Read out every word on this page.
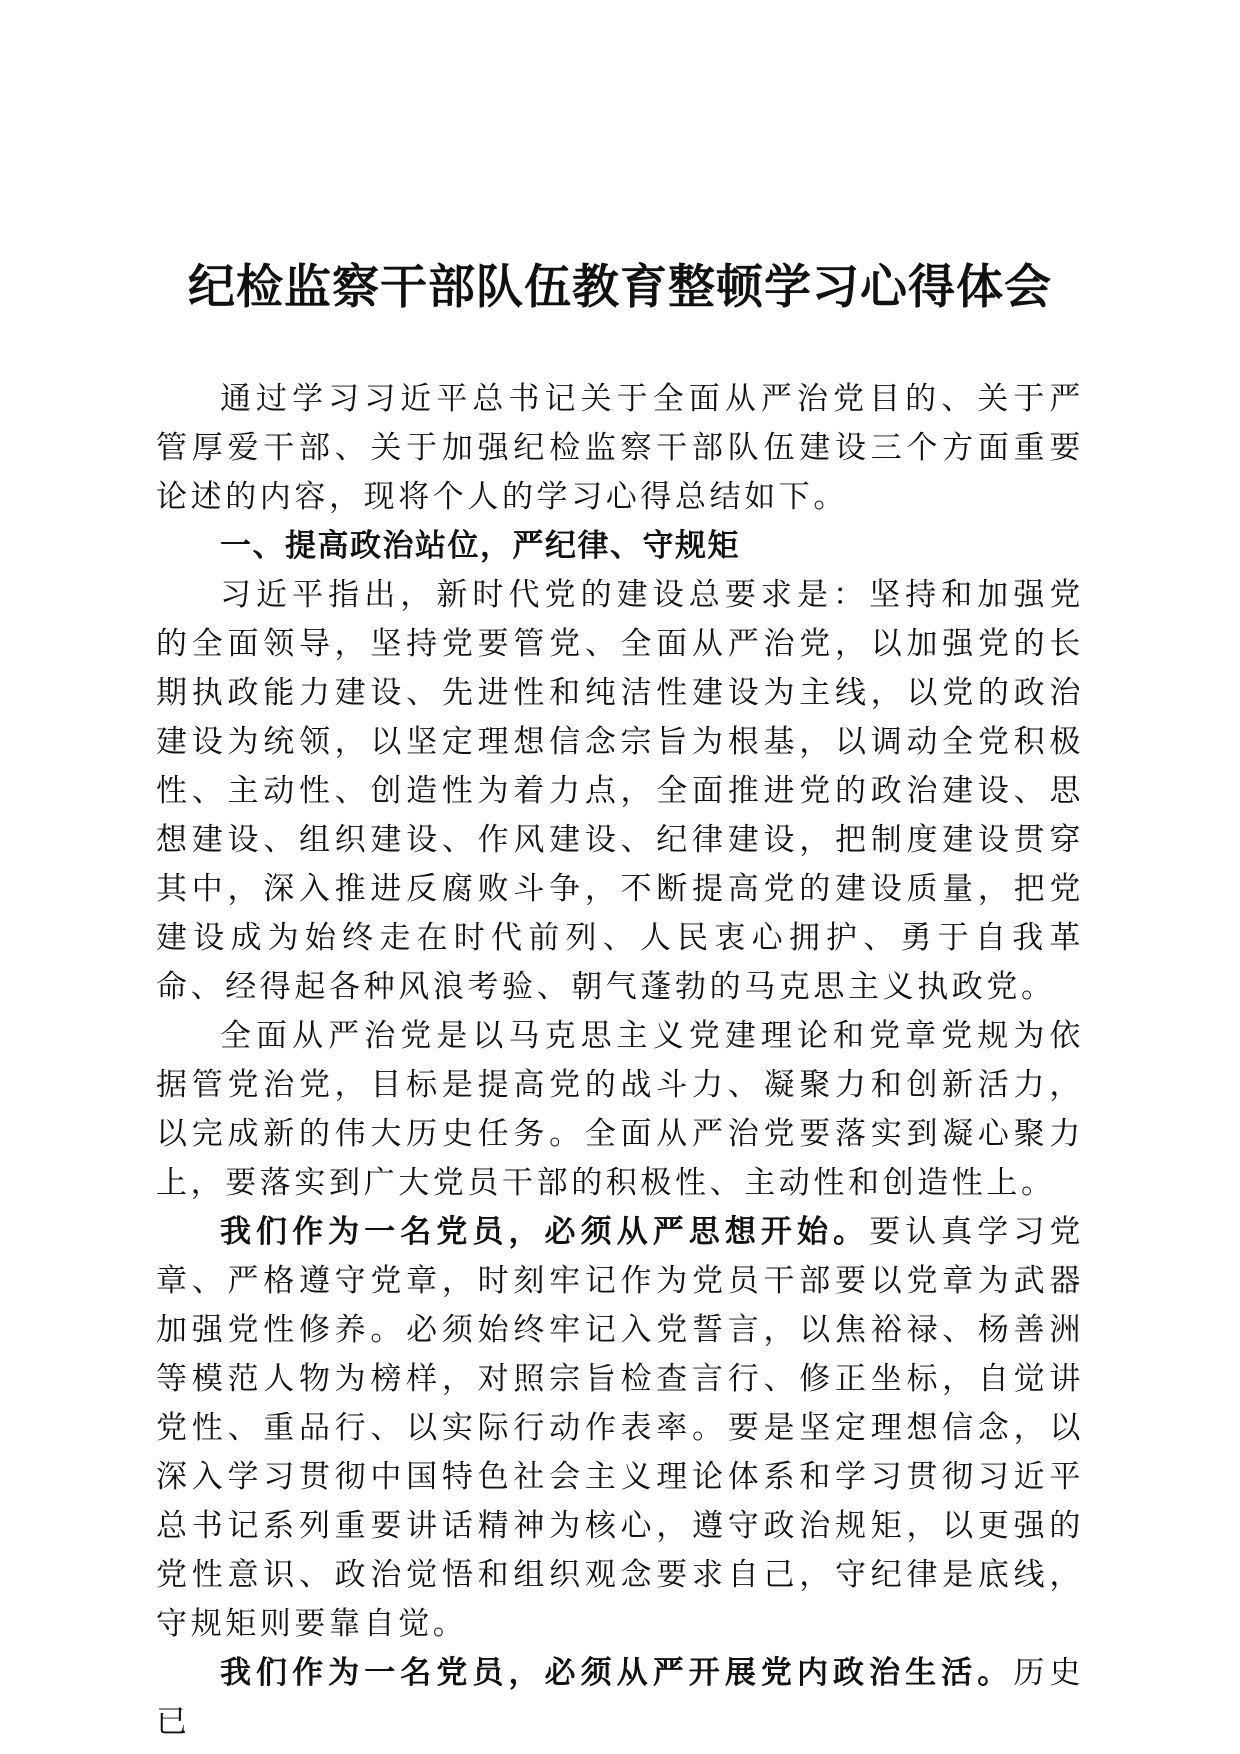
纪检监察干部队伍教育整顿学习心得体会

通过学习习近平总书记关于全面从严治党目的、关于严管厚爱干部、关于加强纪检监察干部队伍建设三个方面重要论述的内容，现将个人的学习心得总结如下。

一、提高政治站位，严纪律、守规矩

习近平指出，新时代党的建设总要求是：坚持和加强党的全面领导，坚持党要管党、全面从严治党，以加强党的长期执政能力建设、先进性和纯洁性建设为主线，以党的政治建设为统领，以坚定理想信念宗旨为根基，以调动全党积极性、主动性、创造性为着力点，全面推进党的政治建设、思想建设、组织建设、作风建设、纪律建设，把制度建设贯穿其中，深入推进反腐败斗争，不断提高党的建设质量，把党建设成为始终走在时代前列、人民衷心拥护、勇于自我革命、经得起各种风浪考验、朝气蓬勃的马克思主义执政党。

全面从严治党是以马克思主义党建理论和党章党规为依据管党治党，目标是提高党的战斗力、凝聚力和创新活力，以完成新的伟大历史任务。全面从严治党要落实到凝心聚力上，要落实到广大党员干部的积极性、主动性和创造性上。

我们作为一名党员，必须从严思想开始。要认真学习党章、严格遵守党章，时刻牢记作为党员干部要以党章为武器加强党性修养。必须始终牢记入党誓言，以焦裕禄、杨善洲等模范人物为榜样，对照宗旨检查言行、修正坐标，自觉讲党性、重品行、以实际行动作表率。要是坚定理想信念，以深入学习贯彻中国特色社会主义理论体系和学习贯彻习近平总书记系列重要讲话精神为核心，遵守政治规矩，以更强的党性意识、政治觉悟和组织观念要求自己，守纪律是底线，守规矩则要靠自觉。

我们作为一名党员，必须从严开展党内政治生活。历史已
